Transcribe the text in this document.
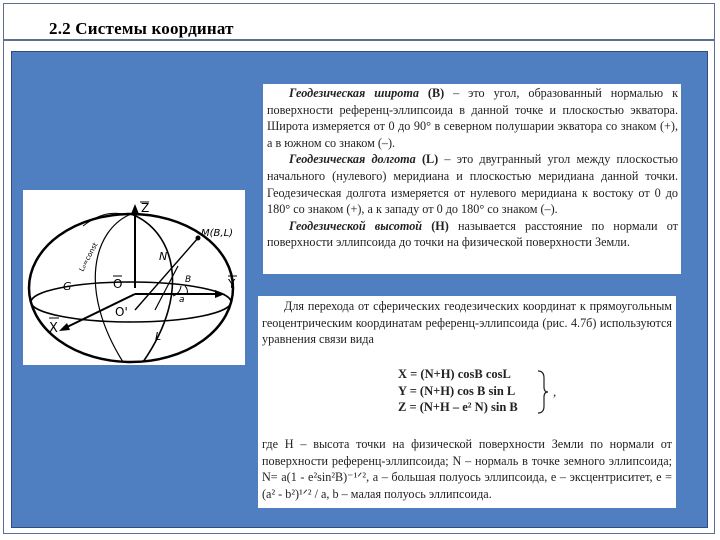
2.2 Системы координат
Z
Y
X
O
O'
N
M(B,L)
G
L
B
a
L₀=const

Геодезическая широта (B) – это угол, образованный нормалью к поверхности референц-эллипсоида в данной точке и плоскостью экватора. Широта измеряется от 0 до 90° в северном полушарии экватора со знаком (+), а в южном со знаком (–).

Геодезическая долгота (L) – это двугранный угол между плоскостью начального (нулевого) меридиана и плоскостью меридиана данной точки. Геодезическая долгота измеряется от нулевого меридиана к востоку от 0 до 180° со знаком (+), а к западу от 0 до 180° со знаком (–).

Геодезической высотой (H) называется расстояние по нормали от поверхности эллипсоида до точки на физической поверхности Земли.

Для перехода от сферических геодезических координат к прямоугольным геоцентрическим координатам референц-эллипсоида (рис. 4.7б) используются уравнения связи вида

X = (N+H) cosB cosL
Y = (N+H) cos B sin L
Z = (N+H – e² N) sin B
,
где H – высота точки на физической поверхности Земли по нормали от поверхности референц-эллипсоида; N – нормаль в точке земного эллипсоида; N= a(1 - e²sin²B)⁻¹ᐟ², a – большая полуось эллипсоида, e – эксцентриситет, e = (a² - b²)¹ᐟ² / a, b – малая полуось эллипсоида.
